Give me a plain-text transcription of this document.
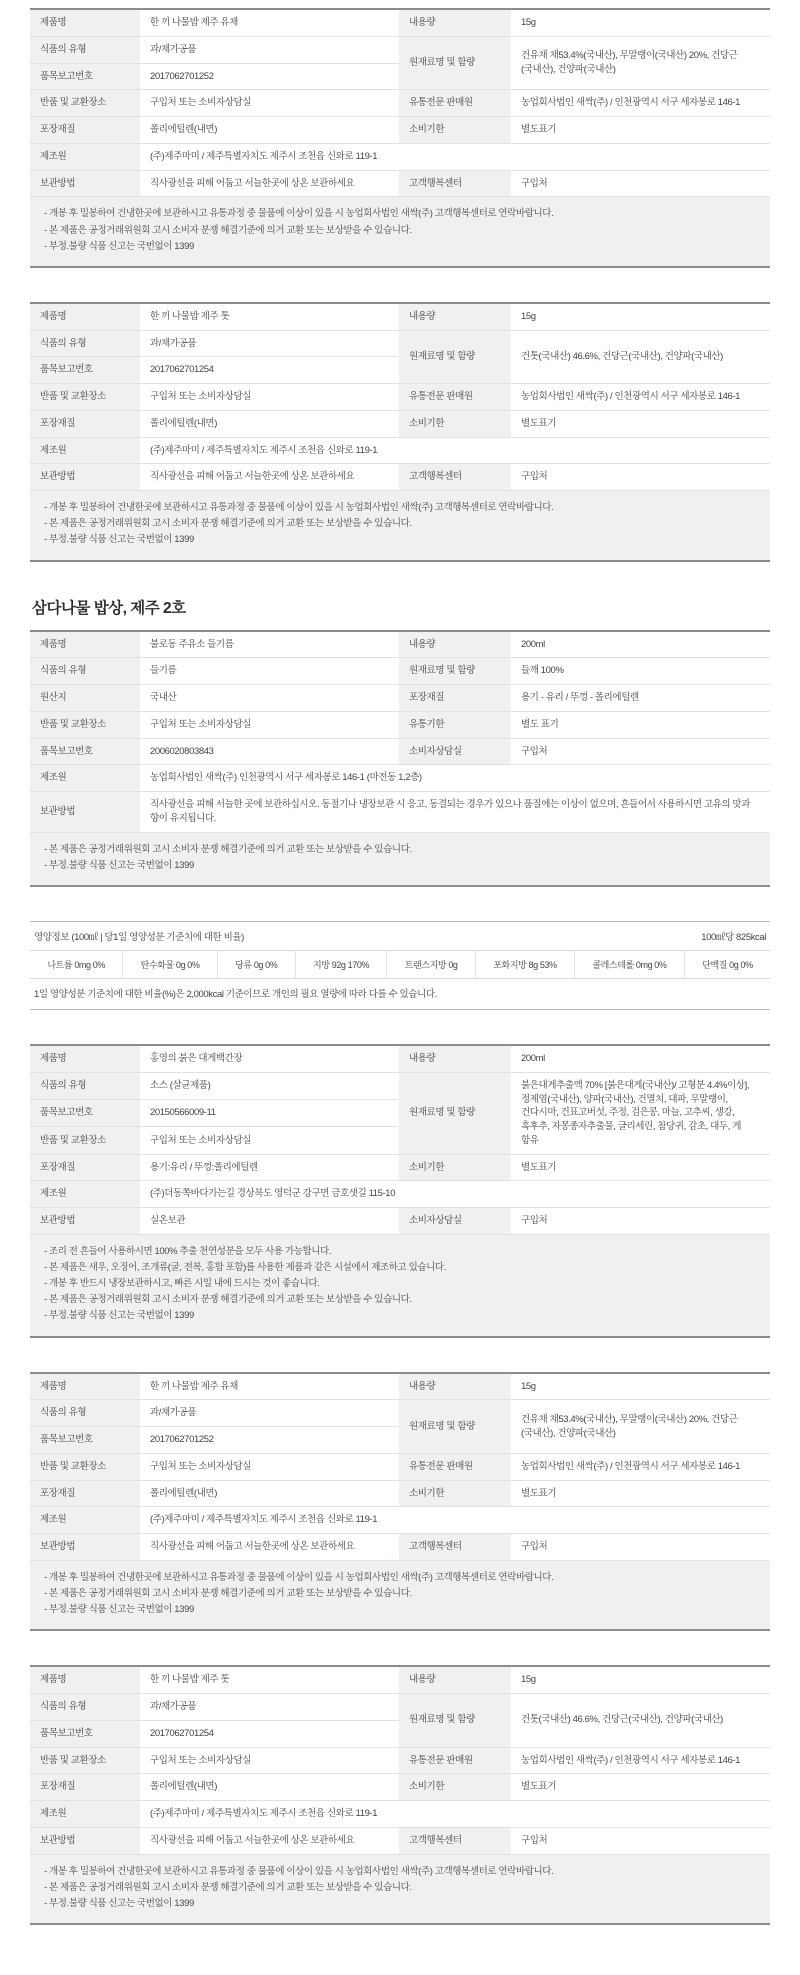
제품명	한 끼 나물밥 제주 유채	내용량	15g
식품의 유형	과/채가공품	원재료명 및 함량	건유채 채53.4%(국내산), 무말랭이(국내산) 20%, 건당근(국내산), 건양파(국내산)
품목보고번호	2017062701252		
반품 및 교환장소	구입처 또는 소비자상담실	유통전문 판매원	농업회사법인 새싹(주) / 인천광역시 서구 세자봉로 146-1
포장재질	폴리에틸렌(내면)	소비기한	별도표기
제조원	(주)제주마미 / 제주특별자치도 제주시 조천읍 신와로 119-1		
보관방법	직사광선을 피해 어둡고 서늘한곳에 상온 보관하세요	고객행복센터	구입처
- 개봉 후 밀봉하여 건냉한곳에 보관하시고 유통과정 중 물품에 이상이 있을 시 농업회사법인 새싹(주) 고객행복센터로 연락바랍니다.
- 본 제품은 공정거래위원회 고시 소비자 분쟁 해결기준에 의거 교환 또는 보상받을 수 있습니다.
- 부정.불량 식품 신고는 국번없이 1399
제품명	한 끼 나물밥 제주 톳	내용량	15g
식품의 유형	과/채가공품	원재료명 및 함량	건톳(국내산) 46.6%, 건당근(국내산), 건양파(국내산)
품목보고번호	2017062701254		
반품 및 교환장소	구입처 또는 소비자상담실	유통전문 판매원	농업회사법인 새싹(주) / 인천광역시 서구 세자봉로 146-1
포장재질	폴리에틸렌(내면)	소비기한	별도표기
제조원	(주)제주마미 / 제주특별자치도 제주시 조천읍 신와로 119-1		
보관방법	직사광선을 피해 어둡고 서늘한곳에 상온 보관하세요	고객행복센터	구입처
- 개봉 후 밀봉하여 건냉한곳에 보관하시고 유통과정 중 물품에 이상이 있을 시 농업회사법인 새싹(주) 고객행복센터로 연락바랍니다.
- 본 제품은 공정거래위원회 고시 소비자 분쟁 해결기준에 의거 교환 또는 보상받을 수 있습니다.
- 부정.불량 식품 신고는 국번없이 1399
삼다나물 밥상, 제주 2호
제품명	불로동 주유소 들기름	내용량	200ml
식품의 유형	들기름	원재료명 및 함량	들깨 100%
원산지	국내산	포장재질	용기 - 유리 / 뚜껑 - 폴리에틸렌
반품 및 교환장소	구입처 또는 소비자상담실	유통기한	별도 표기
품목보고번호	2006020803843	소비자상담실	구입처
제조원	농업회사법인 새싹(주) 인천광역시 서구 세자봉로 146-1 (마전동 1,2층)		
보관방법	직사광선을 피해 서늘한 곳에 보관하십시오. 동절기나 냉장보관 시 응고, 동결되는 경우가 있으나 품질에는 이상이 없으며, 흔들어서 사용하시면 고유의 맛과 향이 유지됩니다.		
- 본 제품은 공정거래위원회 고시 소비자 분쟁 해결기준에 의거 교환 또는 보상받을 수 있습니다.
- 부정.불량 식품 신고는 국번없이 1399
영양정보 (100㎖ | 당1일 영양성분 기준치에 대한 비율)	100㎖당 825kcal
나트륨 0mg 0%	탄수화물 0g 0%	당류 0g 0%	지방 92g 170%	트랜스지방 0g	포화지방 8g 53%	콜레스테롤 0mg 0%	단백질 0g 0%
1일 영양성분 기준치에 대한 비율(%)은 2,000kcal 기준이므로 개인의 필요 열량에 따라 다를 수 있습니다.
제품명	홍영의 붉은 대게백간장	내용량	200ml
식품의 유형	소스 (살균제품)	원재료명 및 함량	붉은대게추출액 70% [붉은대게(국내산)/ 고형분 4.4%이상], 정제염(국내산), 양파(국내산), 건멸치, 대파, 무말랭이, 건다시마, 건표고버섯, 주정, 검은콩, 마늘, 고추씨, 생강, 흑후추, 자몽종자추출물, 글리세린, 참당귀, 감초, 대두, 게 함유
품목보고번호	20150566009-11		
반품 및 교환장소	구입처 또는 소비자상담실		
포장재질	용기:유리 / 뚜껑:폴리에틸렌	소비기한	별도표기
제조원	(주)더동쪽바다가는길 경상북도 영덕군 강구면 금호샛길 115-10		
보관방법	실온보관	소비자상담실	구입처
- 조리 전 흔들어 사용하시면 100% 추출 천연성분을 모두 사용 가능합니다.
- 본 제품은 새우, 오징어, 조개류(굴, 전복, 홍합 포함)를 사용한 제품과 같은 시설에서 제조하고 있습니다.
- 개봉 후 반드시 냉장보관하시고, 빠른 시일 내에 드시는 것이 좋습니다.
- 본 제품은 공정거래위원회 고시 소비자 분쟁 해결기준에 의거 교환 또는 보상받을 수 있습니다.
- 부정.불량 식품 신고는 국번없이 1399
제품명	한 끼 나물밥 제주 유채	내용량	15g
식품의 유형	과/채가공품	원재료명 및 함량	건유채 채53.4%(국내산), 무말랭이(국내산) 20%, 건당근(국내산), 건양파(국내산)
품목보고번호	2017062701252		
반품 및 교환장소	구입처 또는 소비자상담실	유통전문 판매원	농업회사법인 새싹(주) / 인천광역시 서구 세자봉로 146-1
포장재질	폴리에틸렌(내면)	소비기한	별도표기
제조원	(주)제주마미 / 제주특별자치도 제주시 조천읍 신와로 119-1		
보관방법	직사광선을 피해 어둡고 서늘한곳에 상온 보관하세요	고객행복센터	구입처
- 개봉 후 밀봉하여 건냉한곳에 보관하시고 유통과정 중 물품에 이상이 있을 시 농업회사법인 새싹(주) 고객행복센터로 연락바랍니다.
- 본 제품은 공정거래위원회 고시 소비자 분쟁 해결기준에 의거 교환 또는 보상받을 수 있습니다.
- 부정.불량 식품 신고는 국번없이 1399
제품명	한 끼 나물밥 제주 톳	내용량	15g
식품의 유형	과/채가공품	원재료명 및 함량	건톳(국내산) 46.6%, 건당근(국내산), 건양파(국내산)
품목보고번호	2017062701254		
반품 및 교환장소	구입처 또는 소비자상담실	유통전문 판매원	농업회사법인 새싹(주) / 인천광역시 서구 세자봉로 146-1
포장재질	폴리에틸렌(내면)	소비기한	별도표기
제조원	(주)제주마미 / 제주특별자치도 제주시 조천읍 신와로 119-1		
보관방법	직사광선을 피해 어둡고 서늘한곳에 상온 보관하세요	고객행복센터	구입처
- 개봉 후 밀봉하여 건냉한곳에 보관하시고 유통과정 중 물품에 이상이 있을 시 농업회사법인 새싹(주) 고객행복센터로 연락바랍니다.
- 본 제품은 공정거래위원회 고시 소비자 분쟁 해결기준에 의거 교환 또는 보상받을 수 있습니다.
- 부정.불량 식품 신고는 국번없이 1399
